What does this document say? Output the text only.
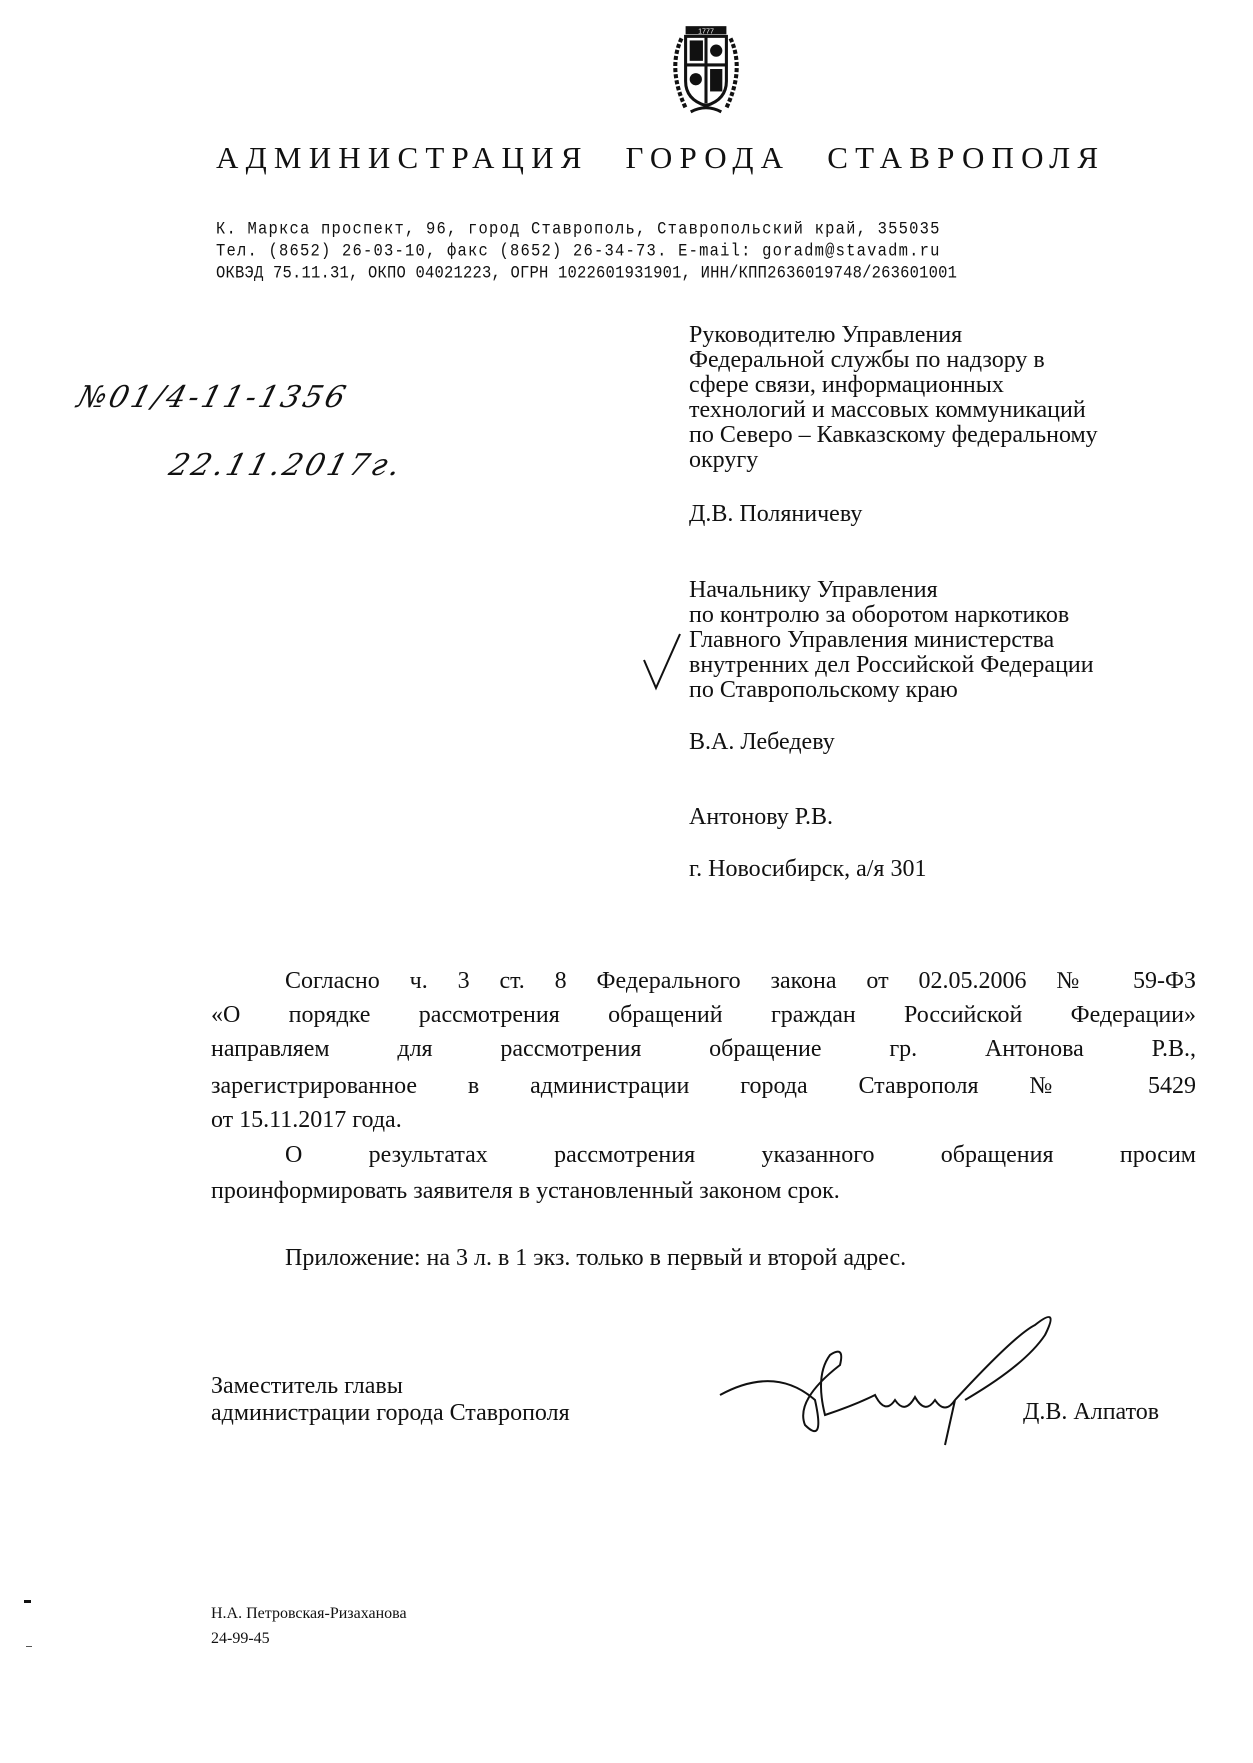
1777
АДМИНИСТРАЦИЯ ГОРОДА СТАВРОПОЛЯ
К. Маркса проспект, 96, город Ставрополь, Ставропольский край, 355035
Тел. (8652) 26-03-10, факс (8652) 26-34-73. E-mail: goradm@stavadm.ru
ОКВЭД 75.11.31, ОКПО 04021223, ОГРН 1022601931901, ИНН/КПП2636019748/263601001
№01/4-11-1356
22.11.2017г.
Руководителю Управления
Федеральной службы по надзору в
сфере связи, информационных
технологий и массовых коммуникаций
по Северо – Кавказскому федеральному
округу
Д.В. Поляничеву
Начальнику Управления
по контролю за оборотом наркотиков
Главного Управления министерства
внутренних дел Российской Федерации
по Ставропольскому краю
В.А. Лебедеву
Антонову Р.В.
г. Новосибирск, а/я 301
Согласно ч. 3 ст. 8 Федерального закона от 02.05.2006 № 59-ФЗ
«О порядке рассмотрения обращений граждан Российской Федерации»
направляем для рассмотрения обращение гр. Антонова Р.В.,
зарегистрированное в администрации города Ставрополя № 5429
от 15.11.2017 года.
О результатах рассмотрения указанного обращения просим
проинформировать заявителя в установленный законом срок.
Приложение: на 3 л. в 1 экз. только в первый и второй адрес.
Заместитель главы
администрации города Ставрополя	Д.В. Алпатов
Н.А. Петровская-Ризаханова
24-99-45
